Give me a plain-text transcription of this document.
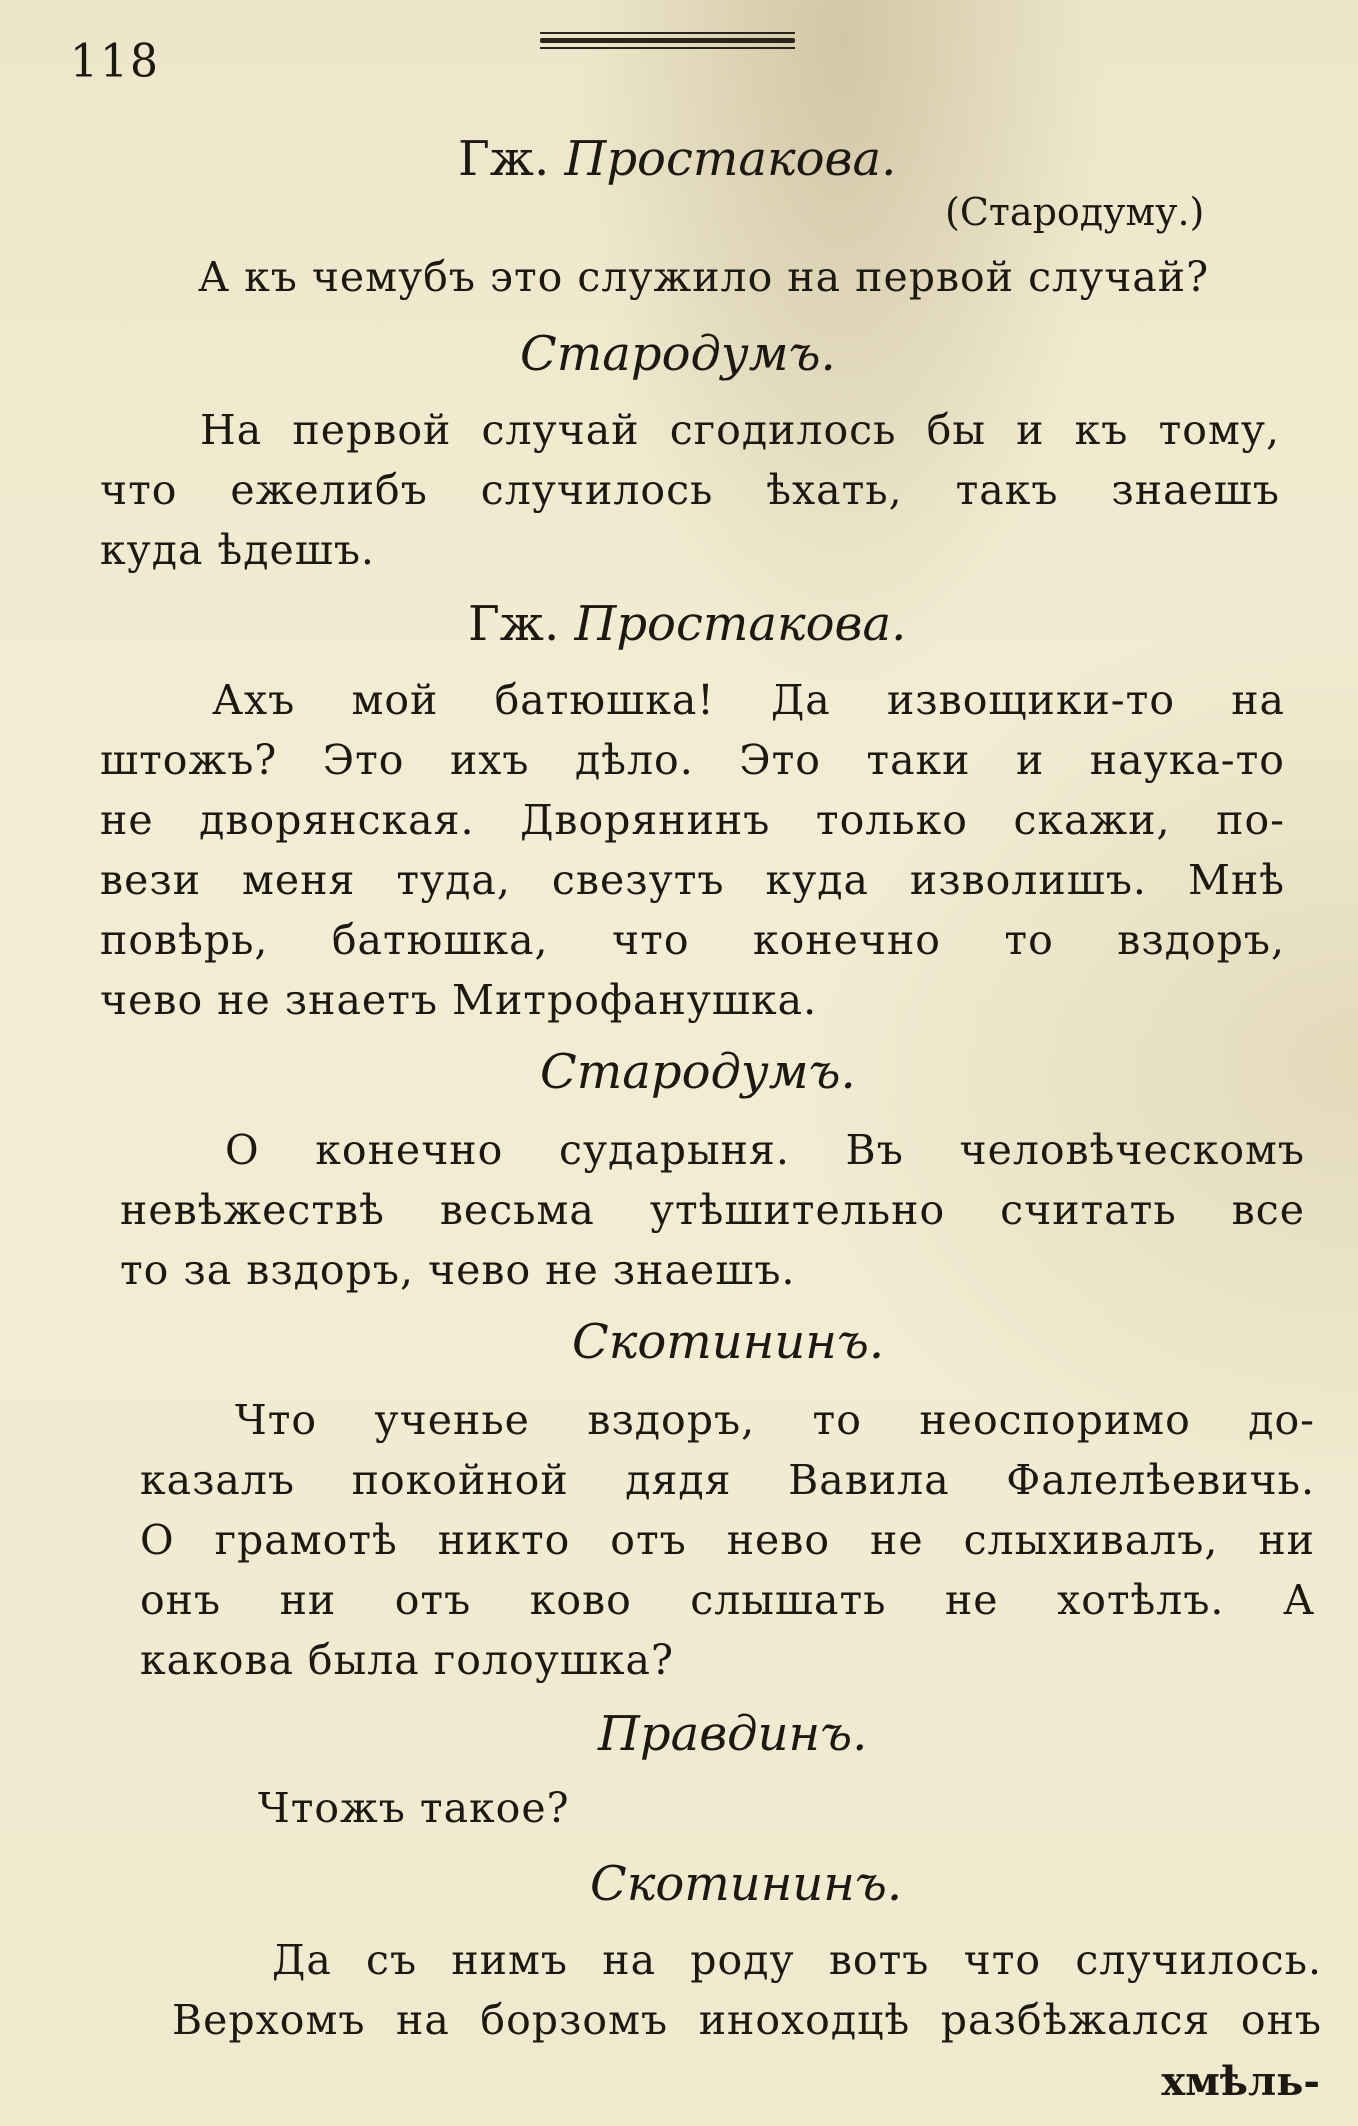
118
Гж. Простакова.
(Стародуму.)
А къ чемубъ это служило на первой случай?
Стародумъ.
На первой случай сгодилось бы и къ тому,
что ежелибъ случилось ѣхать, такъ знаешъ
куда ѣдешъ.
Гж. Простакова.
Ахъ мой батюшка! Да извощики-то на
штожъ? Это ихъ дѣло. Это таки и наука-то
не дворянская. Дворянинъ только скажи, по-
вези меня туда, свезутъ куда изволишъ. Мнѣ
повѣрь, батюшка, что конечно то вздоръ,
чево не знаетъ Митрофанушка.
Стародумъ.
О конечно сударыня. Въ человѣческомъ
невѣжествѣ весьма утѣшительно считать все
то за вздоръ, чево не знаешъ.
Скотининъ.
Что ученье вздоръ, то неоспоримо до-
казалъ покойной дядя Вавила Фалелѣевичь.
О грамотѣ никто отъ нево не слыхивалъ, ни
онъ ни отъ ково слышать не хотѣлъ. А
какова была голоушка?
Правдинъ.
Чтожъ такое?
Скотининъ.
Да съ нимъ на роду вотъ что случилось.
Верхомъ на борзомъ иноходцѣ разбѣжался онъ
хмѣль-
